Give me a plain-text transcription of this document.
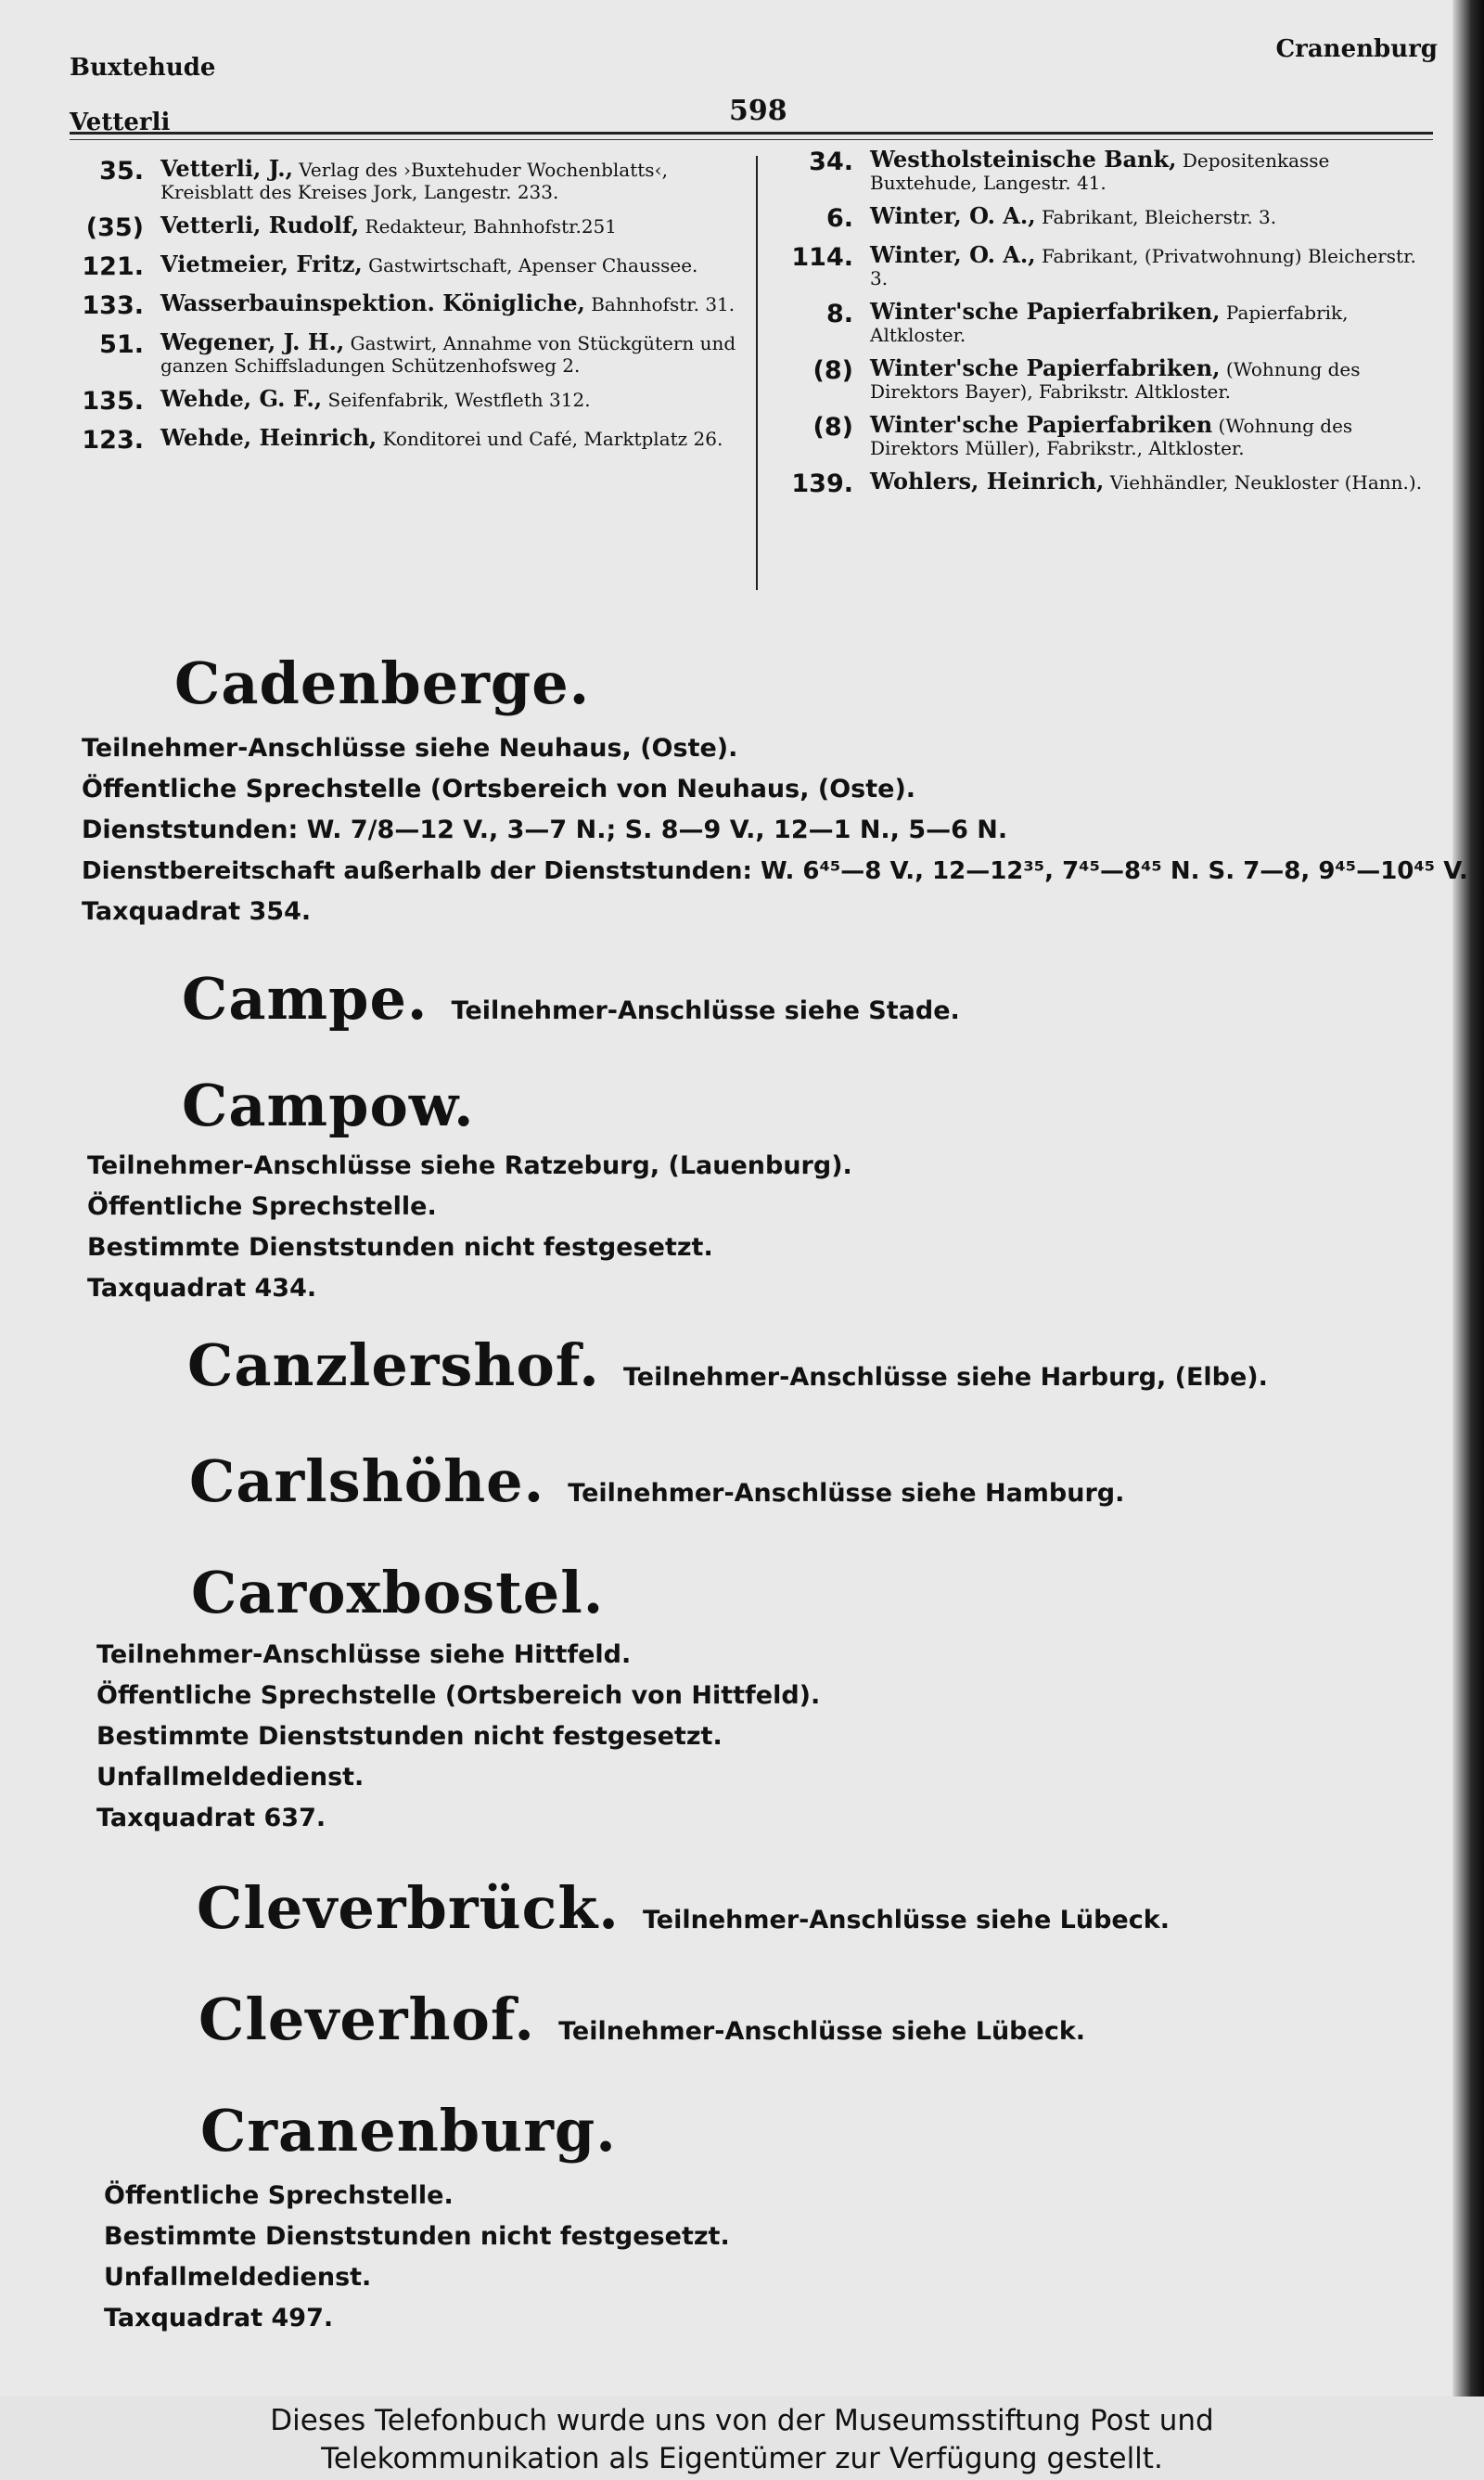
Buxtehude
Vetterli	598
Cranenburg
35. Vetterli, J., Verlag des ›Buxtehuder Wochenblatts‹, Kreisblatt des Kreises Jork, Langestr. 233.
(35) Vetterli, Rudolf, Redakteur, Bahnhofstr.251
121. Vietmeier, Fritz, Gastwirtschaft, Apenser Chaussee.
133. Wasserbauinspektion. Königliche, Bahnhofstr. 31.
51. Wegener, J. H., Gastwirt, Annahme von Stückgütern und ganzen Schiffsladungen Schützenhofsweg 2.
135. Wehde, G. F., Seifenfabrik, Westfleth 312.
123. Wehde, Heinrich, Konditorei und Café, Marktplatz 26.
34. Westholsteinische Bank, Depositenkasse Buxtehude, Langestr. 41.
6. Winter, O. A., Fabrikant, Bleicherstr. 3.
114. Winter, O. A., Fabrikant, (Privatwohnung) Bleicherstr. 3.
8. Winter'sche Papierfabriken, Papierfabrik, Altkloster.
(8) Winter'sche Papierfabriken, (Wohnung des Direktors Bayer), Fabrikstr. Altkloster.
(8) Winter'sche Papierfabriken (Wohnung des Direktors Müller), Fabrikstr., Altkloster.
139. Wohlers, Heinrich, Viehhändler, Neukloster (Hann.).
Cadenberge.
Teilnehmer-Anschlüsse siehe Neuhaus, (Oste).
Öffentliche Sprechstelle (Ortsbereich von Neuhaus, (Oste).
Dienststunden: W. 7/8—12 V., 3—7 N.; S. 8—9 V., 12—1 N., 5—6 N.
Dienstbereitschaft außerhalb der Dienststunden: W. 6⁴⁵—8 V., 12—12³⁵, 7⁴⁵—8⁴⁵ N. S. 7—8, 9⁴⁵—10⁴⁵ V.
Taxquadrat 354.
Campe. Teilnehmer-Anschlüsse siehe Stade.
Campow.
Teilnehmer-Anschlüsse siehe Ratzeburg, (Lauenburg).
Öffentliche Sprechstelle.
Bestimmte Dienststunden nicht festgesetzt.
Taxquadrat 434.
Canzlershof. Teilnehmer-Anschlüsse siehe Harburg, (Elbe).
Carlshöhe. Teilnehmer-Anschlüsse siehe Hamburg.
Caroxbostel.
Teilnehmer-Anschlüsse siehe Hittfeld.
Öffentliche Sprechstelle (Ortsbereich von Hittfeld).
Bestimmte Dienststunden nicht festgesetzt.
Unfallmeldedienst.
Taxquadrat 637.
Cleverbrück. Teilnehmer-Anschlüsse siehe Lübeck.
Cleverhof. Teilnehmer-Anschlüsse siehe Lübeck.
Cranenburg.
Öffentliche Sprechstelle.
Bestimmte Dienststunden nicht festgesetzt.
Unfallmeldedienst.
Taxquadrat 497.
Dieses Telefonbuch wurde uns von der Museumsstiftung Post und
Telekommunikation als Eigentümer zur Verfügung gestellt.
